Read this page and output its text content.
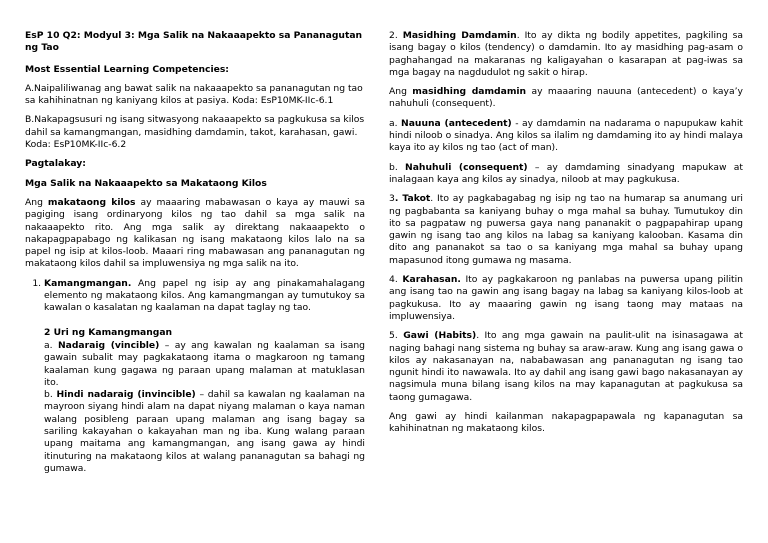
EsP 10 Q2: Modyul 3: Mga Salik na Nakaaapekto sa Pananagutan ng Tao

Most Essential Learning Competencies:

A.Naipaliliwanag ang bawat salik na nakaaapekto sa pananagutan ng tao sa kahihinatnan ng kaniyang kilos at pasiya. Koda: EsP10MK-IIc-6.1

B.Nakapagsusuri ng isang sitwasyong nakaaapekto sa pagkukusa sa kilos dahil sa kamangmangan, masidhing damdamin, takot, karahasan, gawi. Koda: EsP10MK-IIc-6.2

Pagtalakay:

Mga Salik na Nakaaapekto sa Makataong Kilos

Ang makataong kilos ay maaaring mabawasan o kaya ay mauwi sa pagiging isang ordinaryong kilos ng tao dahil sa mga salik na nakaaapekto rito. Ang mga salik ay direktang nakaaapekto o nakapagpapabago ng kalikasan ng isang makataong kilos lalo na sa papel ng isip at kilos-loob. Maaari ring mabawasan ang pananagutan ng makataong kilos dahil sa impluwensiya ng mga salik na ito.

1. Kamangmangan. Ang papel ng isip ay ang pinakamahalagang elemento ng makataong kilos. Ang kamangmangan ay tumutukoy sa kawalan o kasalatan ng kaalaman na dapat taglay ng tao.

2 Uri ng Kamangmangan

a. Nadaraig (vincible) – ay ang kawalan ng kaalaman sa isang gawain subalit may pagkakataong itama o magkaroon ng tamang kaalaman kung gagawa ng paraan upang malaman at matuklasan ito.

b. Hindi nadaraig (invincible) – dahil sa kawalan ng kaalaman na mayroon siyang hindi alam na dapat niyang malaman o kaya naman walang posibleng paraan upang malaman ang isang bagay sa sariling kakayahan o kakayahan man ng iba. Kung walang paraan upang maitama ang kamangmangan, ang isang gawa ay hindi itinuturing na makataong kilos at walang pananagutan sa bahagi ng gumawa.

2. Masidhing Damdamin. Ito ay dikta ng bodily appetites, pagkiling sa isang bagay o kilos (tendency) o damdamin. Ito ay masidhing pag-asam o paghahangad na makaranas ng kaligayahan o kasarapan at pag-iwas sa mga bagay na nagdudulot ng sakit o hirap.

Ang masidhing damdamin ay maaaring nauuna (antecedent) o kaya’y nahuhuli (consequent).

a. Nauuna (antecedent) - ay damdamin na nadarama o napupukaw kahit hindi niloob o sinadya. Ang kilos sa ilalim ng damdaming ito ay hindi malaya kaya ito ay kilos ng tao (act of man).

b. Nahuhuli (consequent) – ay damdaming sinadyang mapukaw at inalagaan kaya ang kilos ay sinadya, niloob at may pagkukusa.

3. Takot. Ito ay pagkabagabag ng isip ng tao na humarap sa anumang uri ng pagbabanta sa kaniyang buhay o mga mahal sa buhay. Tumutukoy din ito sa pagpataw ng puwersa gaya nang pananakit o pagpapahirap upang gawin ng isang tao ang kilos na labag sa kaniyang kalooban. Kasama din dito ang pananakot sa tao o sa kaniyang mga mahal sa buhay upang mapasunod itong gumawa ng masama.

4. Karahasan. Ito ay pagkakaroon ng panlabas na puwersa upang pilitin ang isang tao na gawin ang isang bagay na labag sa kaniyang kilos-loob at pagkukusa. Ito ay maaaring gawin ng isang taong may mataas na impluwensiya.

5. Gawi (Habits). Ito ang mga gawain na paulit-ulit na isinasagawa at naging bahagi nang sistema ng buhay sa araw-araw. Kung ang isang gawa o kilos ay nakasanayan na, nababawasan ang pananagutan ng isang tao ngunit hindi ito nawawala. Ito ay dahil ang isang gawi bago nakasanayan ay nagsimula muna bilang isang kilos na may kapanagutan at pagkukusa sa taong gumagawa.

Ang gawi ay hindi kailanman nakapagpapawala ng kapanagutan sa kahihinatnan ng makataong kilos.
